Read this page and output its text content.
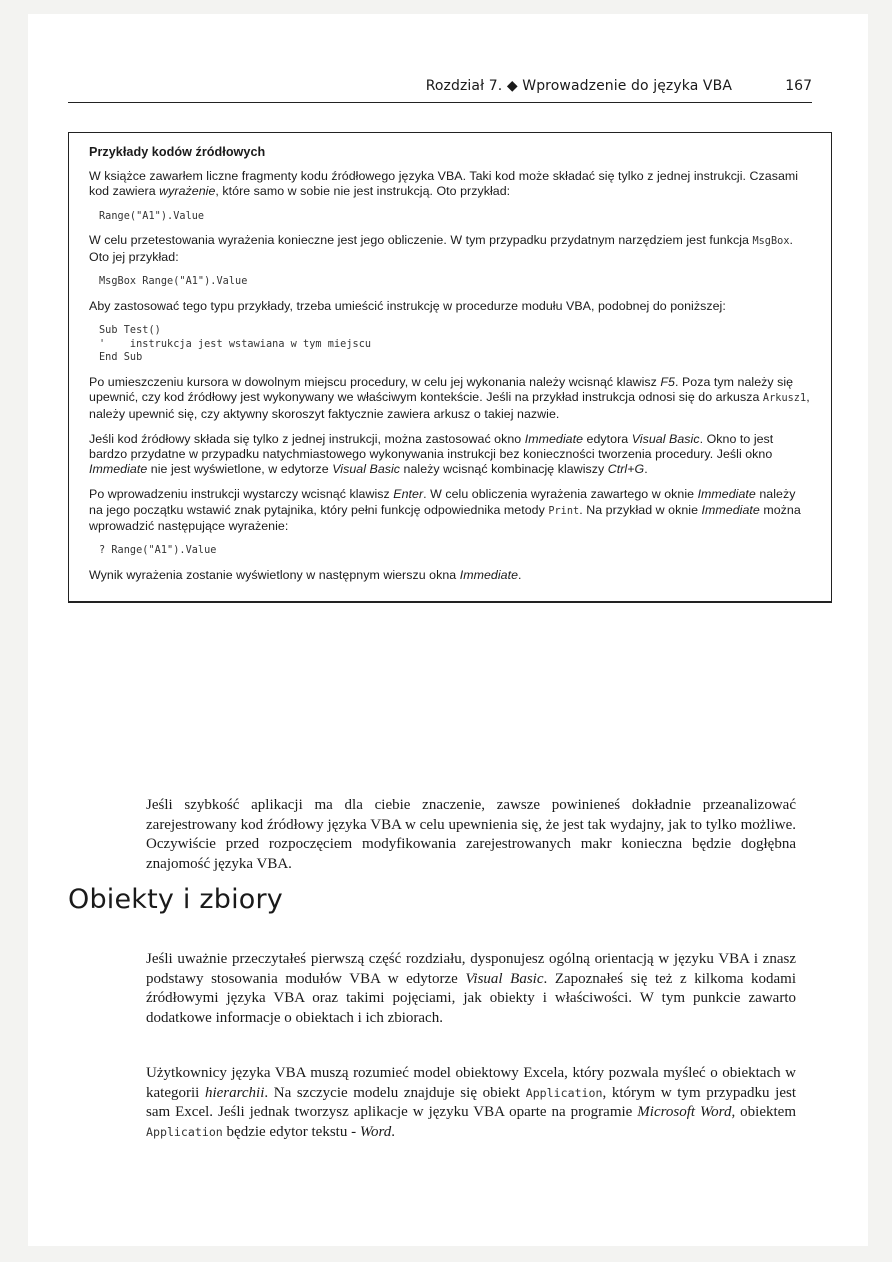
Rozdział 7. ◆ Wprowadzenie do języka VBA	167

Przykłady kodów źródłowych

W książce zawarłem liczne fragmenty kodu źródłowego języka VBA. Taki kod może składać się tylko z jednej instrukcji. Czasami kod zawiera wyrażenie, które samo w sobie nie jest instrukcją. Oto przykład:

Range("A1").Value

W celu przetestowania wyrażenia konieczne jest jego obliczenie. W tym przypadku przydatnym narzędziem jest funkcja MsgBox. Oto jej przykład:

MsgBox Range("A1").Value

Aby zastosować tego typu przykłady, trzeba umieścić instrukcję w procedurze modułu VBA, podobnej do poniższej:

Sub Test()
'    instrukcja jest wstawiana w tym miejscu
End Sub

Po umieszczeniu kursora w dowolnym miejscu procedury, w celu jej wykonania należy wcisnąć klawisz F5. Poza tym należy się upewnić, czy kod źródłowy jest wykonywany we właściwym kontekście. Jeśli na przykład instrukcja odnosi się do arkusza Arkusz1, należy upewnić się, czy aktywny skoroszyt faktycznie zawiera arkusz o takiej nazwie.

Jeśli kod źródłowy składa się tylko z jednej instrukcji, można zastosować okno Immediate edytora Visual Basic. Okno to jest bardzo przydatne w przypadku natychmiastowego wykonywania instrukcji bez konieczności tworzenia procedury. Jeśli okno Immediate nie jest wyświetlone, w edytorze Visual Basic należy wcisnąć kombinację klawiszy Ctrl+G.

Po wprowadzeniu instrukcji wystarczy wcisnąć klawisz Enter. W celu obliczenia wyrażenia zawartego w oknie Immediate należy na jego początku wstawić znak pytajnika, który pełni funkcję odpowiednika metody Print. Na przykład w oknie Immediate można wprowadzić następujące wyrażenie:

? Range("A1").Value

Wynik wyrażenia zostanie wyświetlony w następnym wierszu okna Immediate.

Jeśli szybkość aplikacji ma dla ciebie znaczenie, zawsze powinieneś dokładnie przeanalizować zarejestrowany kod źródłowy języka VBA w celu upewnienia się, że jest tak wydajny, jak to tylko możliwe. Oczywiście przed rozpoczęciem modyfikowania zarejestrowanych makr konieczna będzie dogłębna znajomość języka VBA.

Obiekty i zbiory

Jeśli uważnie przeczytałeś pierwszą część rozdziału, dysponujesz ogólną orientacją w języku VBA i znasz podstawy stosowania modułów VBA w edytorze Visual Basic. Zapoznałeś się też z kilkoma kodami źródłowymi języka VBA oraz takimi pojęciami, jak obiekty i właściwości. W tym punkcie zawarto dodatkowe informacje o obiektach i ich zbiorach.

Użytkownicy języka VBA muszą rozumieć model obiektowy Excela, który pozwala myśleć o obiektach w kategorii hierarchii. Na szczycie modelu znajduje się obiekt Application, którym w tym przypadku jest sam Excel. Jeśli jednak tworzysz aplikacje w języku VBA oparte na programie Microsoft Word, obiektem Application będzie edytor tekstu - Word.
